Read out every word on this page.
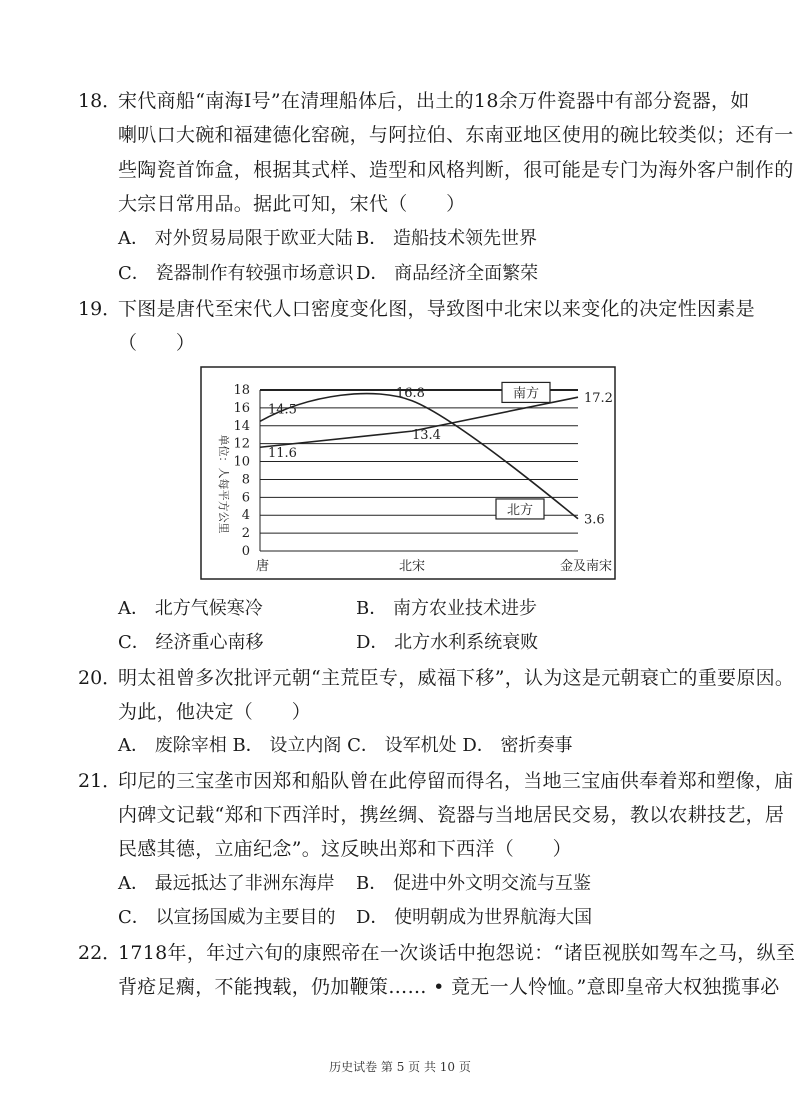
18．
宋代商船“南海Ⅰ号”在清理船体后，出土的18余万件瓷器中有部分瓷器，如
喇叭口大碗和福建德化窑碗，与阿拉伯、东南亚地区使用的碗比较类似；还有一
些陶瓷首饰盒，根据其式样、造型和风格判断，很可能是专门为海外客户制作的
大宗日常用品。据此可知，宋代（　　）
A． 对外贸易局限于欧亚大陆 B． 造船技术领先世界
C． 瓷器制作有较强市场意识 D． 商品经济全面繁荣
19．
下图是唐代至宋代人口密度变化图，导致图中北宋以来变化的决定性因素是
（　　）
0
2
4
6
8
10
12
14
16
18
唐	北宋	金及南宋
单位：人每平方公里
14.5
16.8
3.6
11.6
13.4
17.2
北方
南方
A． 北方气候寒冷	B． 南方农业技术进步
C． 经济重心南移	D． 北方水利系统衰败
20．
明太祖曾多次批评元朝“主荒臣专，威福下移”，认为这是元朝衰亡的重要原因。
为此，他决定（　　）
A． 废除宰相 B． 设立内阁 C． 设军机处 D． 密折奏事
21．
印尼的三宝垄市因郑和船队曾在此停留而得名，当地三宝庙供奉着郑和塑像，庙
内碑文记载“郑和下西洋时，携丝绸、瓷器与当地居民交易，教以农耕技艺，居
民感其德，立庙纪念”。这反映出郑和下西洋（　　）
A． 最远抵达了非洲东海岸 B． 促进中外文明交流与互鉴
C． 以宣扬国威为主要目的 D． 使明朝成为世界航海大国
22．
1718年，年过六旬的康熙帝在一次谈话中抱怨说：“诸臣视朕如驾车之马，纵至
背疮足瘸，不能拽载，仍加鞭策…… • 竟无一人怜恤。”意即皇帝大权独揽事必
历史试卷 第 5 页 共 10 页
